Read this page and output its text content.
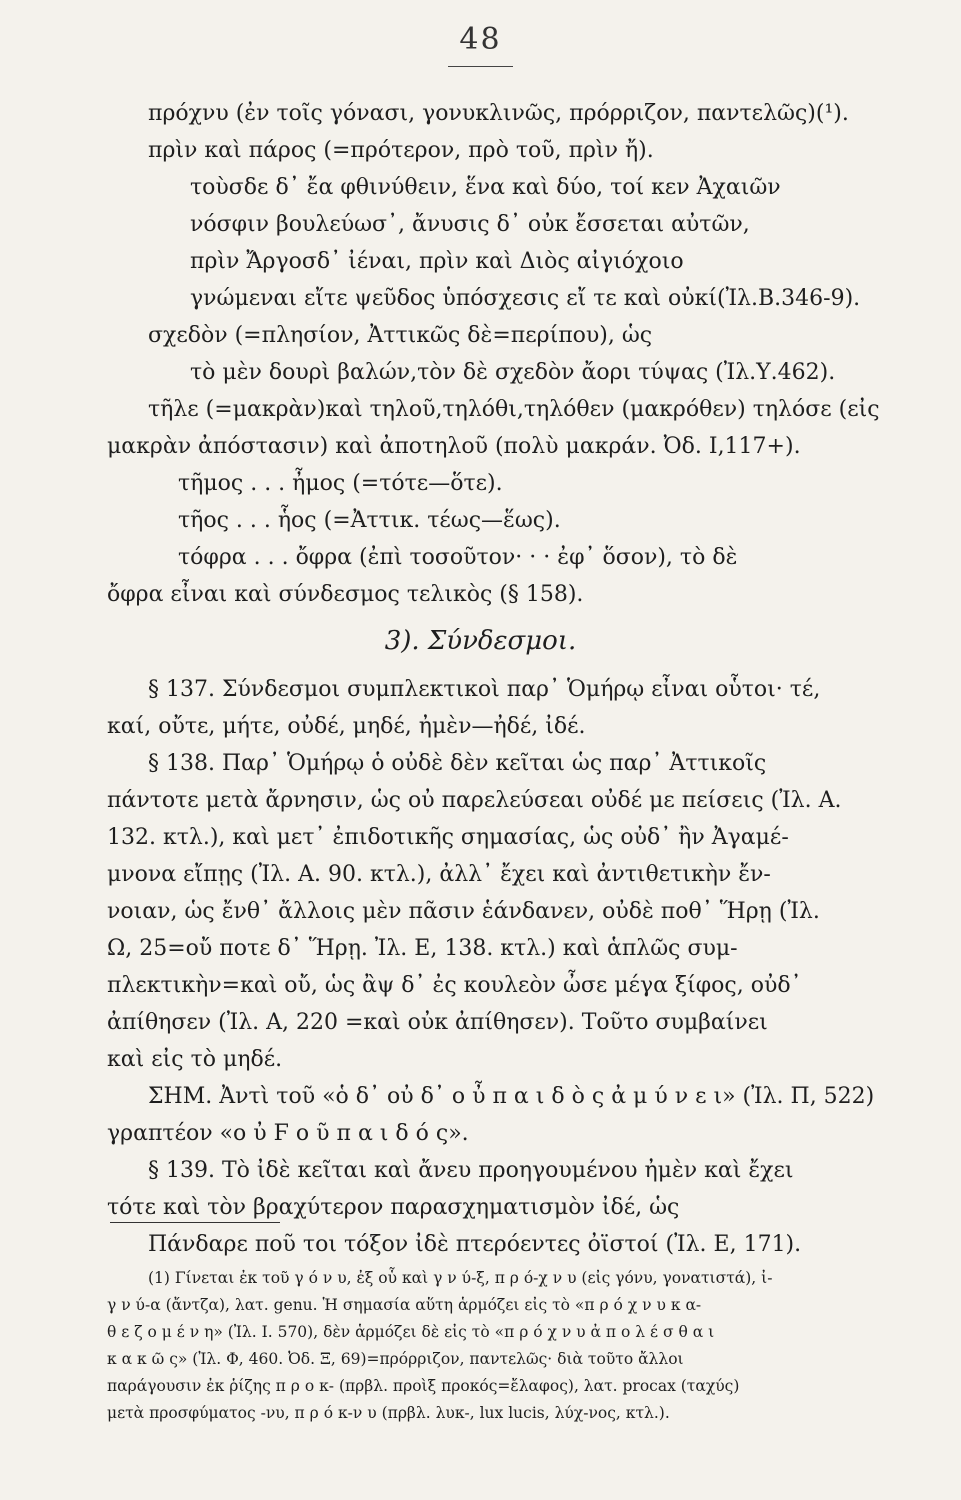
48
πρόχνυ (ἐν τοῖς γόνασι, γονυκλινῶς, πρόρριζον, παντελῶς)(¹).
πρὶν καὶ πάρος (=πρότερον, πρὸ τοῦ, πρὶν ἤ).
τοὺσδε δ᾽ ἔα φθινύθειν, ἕνα καὶ δύο, τοί κεν Ἀχαιῶν
νόσφιν βουλεύωσ᾽, ἄνυσις δ᾽ οὐκ ἔσσεται αὐτῶν,
πρὶν Ἄργοσδ᾽ ἰέναι, πρὶν καὶ Διὸς αἰγιόχοιο
γνώμεναι εἴτε ψεῦδος ὑπόσχεσις εἴ τε καὶ οὐκί(Ἰλ.Β.346-9).
σχεδὸν (=πλησίον, Ἀττικῶς δὲ=περίπου), ὡς
τὸ μὲν δουρὶ βαλών,τὸν δὲ σχεδὸν ἄορι τύψας (Ἰλ.Υ.462).
τῆλε (=μακρὰν)καὶ τηλοῦ,τηλόθι,τηλόθεν (μακρόθεν) τηλόσε (εἰς
μακρὰν ἀπόστασιν) καὶ ἀποτηλοῦ (πολὺ μακράν. Ὀδ. Ι,117+).
τῆμος . . . ἦμος (=τότε—ὅτε).
τῆος . . . ἧος (=Ἀττικ. τέως—ἕως).
τόφρα . . . ὄφρα (ἐπὶ τοσοῦτον· · · ἐφ᾽ ὅσον), τὸ δὲ
ὄφρα εἶναι καὶ σύνδεσμος τελικὸς (§ 158).
3). Σύνδεσμοι.
§ 137. Σύνδεσμοι συμπλεκτικοὶ παρ᾽ Ὁμήρῳ εἶναι οὗτοι· τέ,
καί, οὔτε, μήτε, οὐδέ, μηδέ, ἠμὲν—ἠδέ, ἰδέ.
§ 138. Παρ᾽ Ὁμήρῳ ὁ οὐδὲ δὲν κεῖται ὡς παρ᾽ Ἀττικοῖς
πάντοτε μετὰ ἄρνησιν, ὡς οὐ παρελεύσεαι οὐδέ με πείσεις (Ἰλ. Α.
132. κτλ.), καὶ μετ᾽ ἐπιδοτικῆς σημασίας, ὡς οὐδ᾽ ἢν Ἀγαμέ-
μνονα εἴπῃς (Ἰλ. Α. 90. κτλ.), ἀλλ᾽ ἔχει καὶ ἀντιθετικὴν ἔν-
νοιαν, ὡς ἔνθ᾽ ἄλλοις μὲν πᾶσιν ἑάνδανεν, οὐδὲ ποθ᾽ Ἥρῃ (Ἰλ.
Ω, 25=οὔ ποτε δ᾽ Ἥρῃ. Ἰλ. Ε, 138. κτλ.) καὶ ἁπλῶς συμ-
πλεκτικὴν=καὶ οὔ, ὡς ἂψ δ᾽ ἐς κουλεὸν ὦσε μέγα ξίφος, οὐδ᾽
ἀπίθησεν (Ἰλ. Α, 220 =καὶ οὐκ ἀπίθησεν). Τοῦτο συμβαίνει
καὶ εἰς τὸ μηδέ.
ΣΗΜ. Ἀντὶ τοῦ «ὁ δ᾽ οὐ δ᾽ ο ὖ π α ι δ ὸ ς ἀ μ ύ ν ε ι» (Ἰλ. Π, 522)
γραπτέον «ο ὐ Ϝ ο ῦ π α ι δ ό ς».
§ 139. Τὸ ἰδὲ κεῖται καὶ ἄνευ προηγουμένου ἠμὲν καὶ ἔχει
τότε καὶ τὸν βραχύτερον παρασχηματισμὸν ἰδέ, ὡς
Πάνδαρε ποῦ τοι τόξον ἰδὲ πτερόεντες ὀϊστοί (Ἰλ. Ε, 171).
(1) Γίνεται ἐκ τοῦ γ ό ν υ, ἐξ οὗ καὶ γ ν ύ-ξ, π ρ ό-χ ν υ (εἰς γόνυ, γονατιστά), ἰ-
γ ν ύ-α (ἄντζα), λατ. genu. Ἡ σημασία αὕτη ἁρμόζει εἰς τὸ «π ρ ό χ ν υ κ α-
θ ε ζ ο μ έ ν η» (Ἰλ. Ι. 570), δὲν ἁρμόζει δὲ εἰς τὸ «π ρ ό χ ν υ ἀ π ο λ έ σ θ α ι
κ α κ ῶ ς» (Ἰλ. Φ, 460. Ὀδ. Ξ, 69)=πρόρριζον, παντελῶς· διὰ τοῦτο ἄλλοι
παράγουσιν ἐκ ῥίζης π ρ ο κ- (πρβλ. προὶξ προκός=ἔλαφος), λατ. procax (ταχύς)
μετὰ προσφύματος -νυ, π ρ ό κ-ν υ (πρβλ. λυκ-, lux lucis, λύχ-νος, κτλ.).
